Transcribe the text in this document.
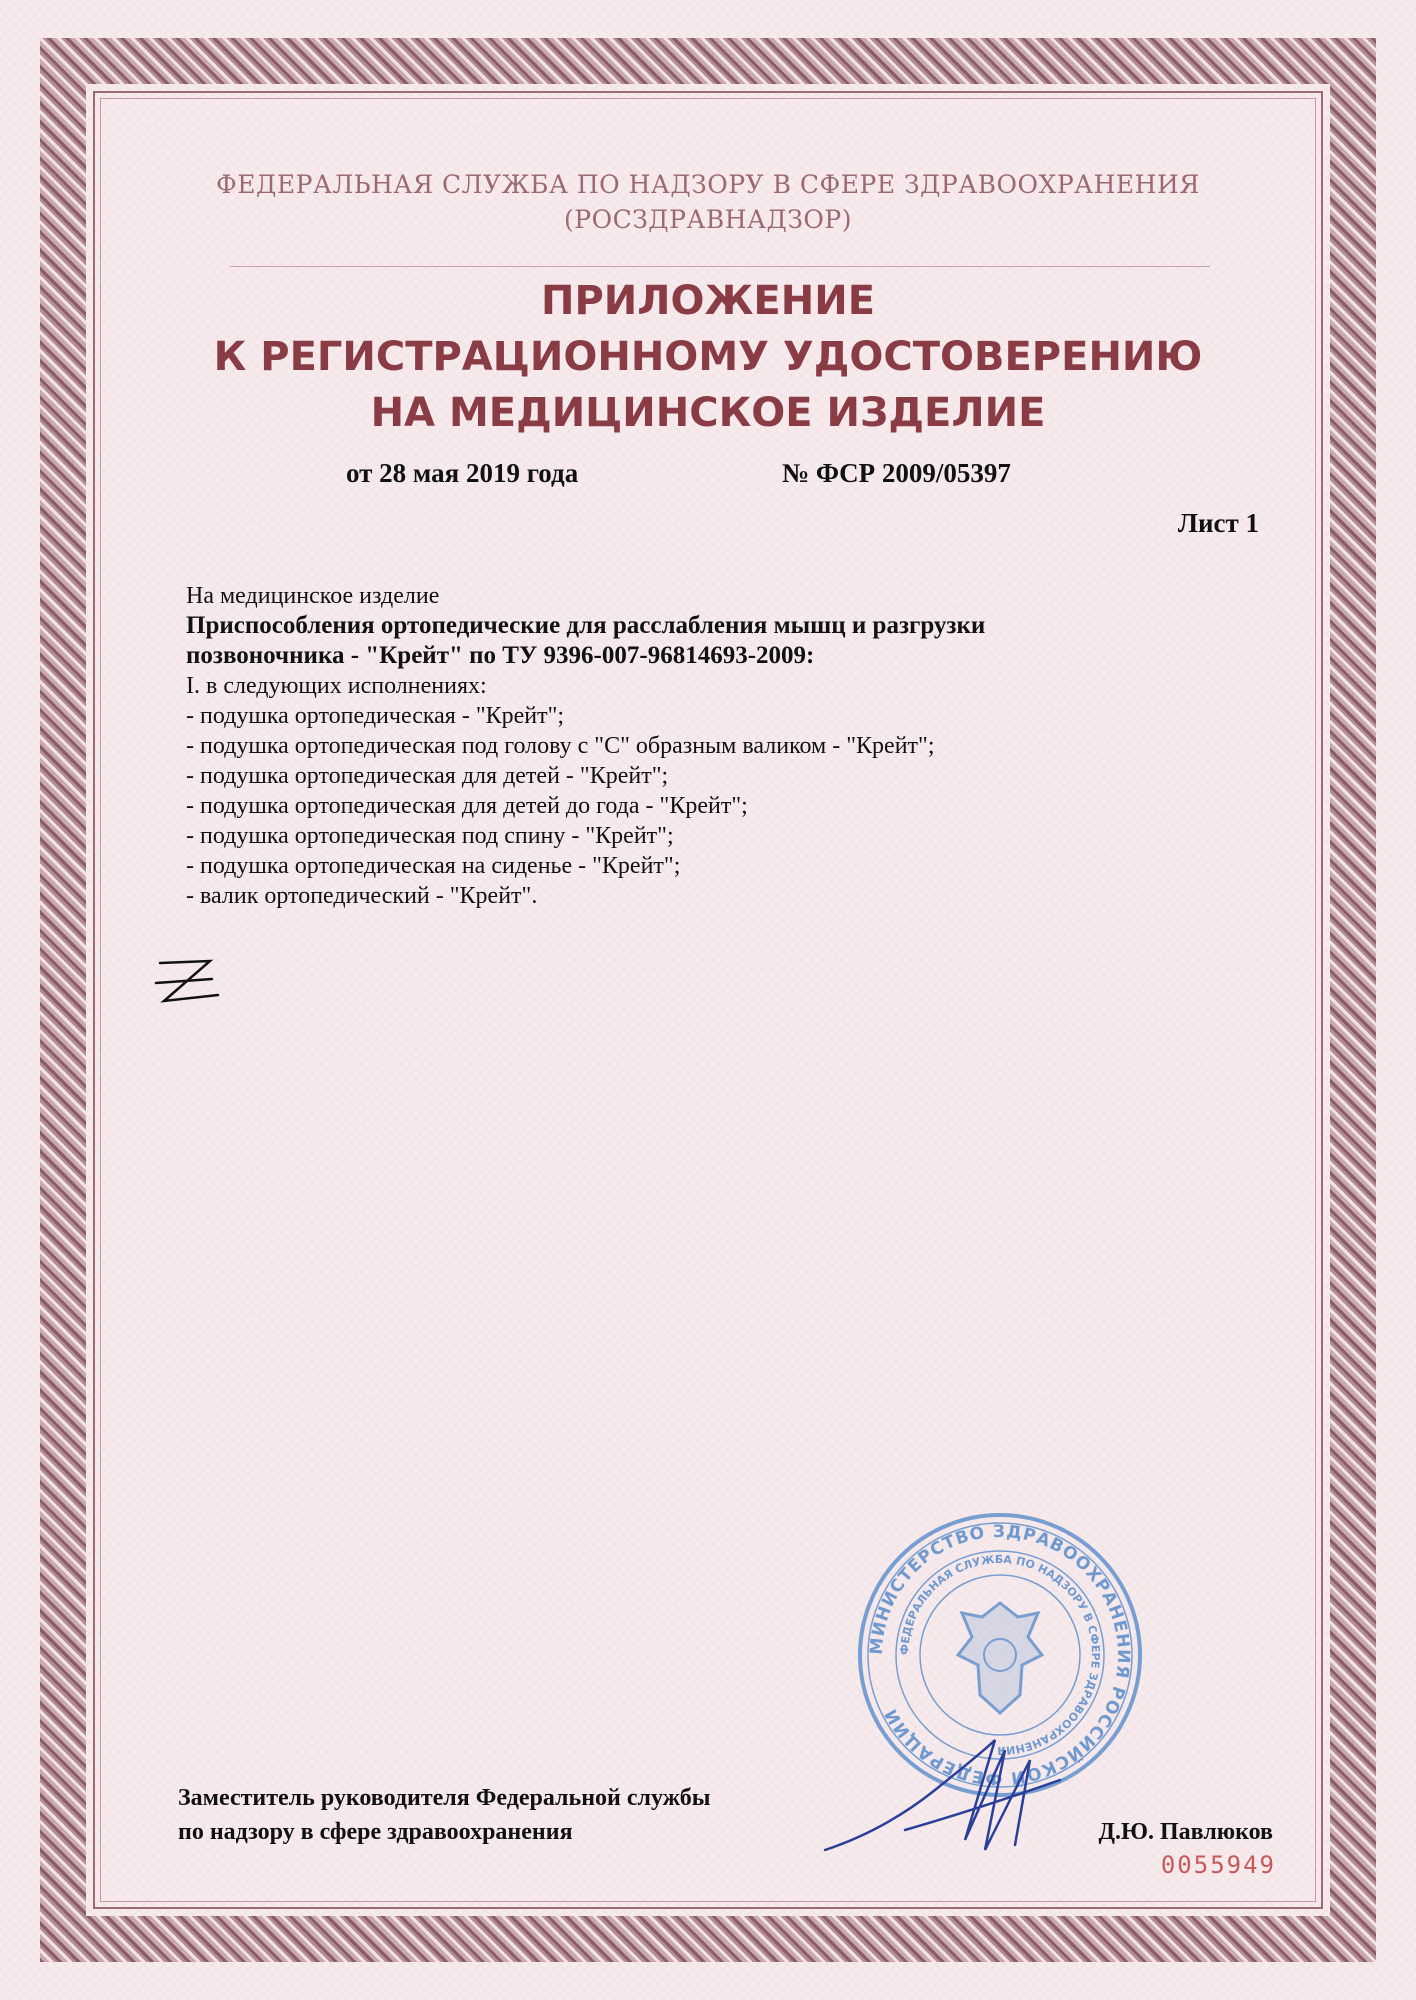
ФЕДЕРАЛЬНАЯ СЛУЖБА ПО НАДЗОРУ В СФЕРЕ ЗДРАВООХРАНЕНИЯ
(РОСЗДРАВНАДЗОР)
ПРИЛОЖЕНИЕ
К РЕГИСТРАЦИОННОМУ УДОСТОВЕРЕНИЮ
НА МЕДИЦИНСКОЕ ИЗДЕЛИЕ
от 28 мая 2019 года	№ ФСР 2009/05397
Лист 1
На медицинское изделие
Приспособления ортопедические для расслабления мышц и разгрузки
позвоночника - "Крейт" по ТУ 9396-007-96814693-2009:
I. в следующих исполнениях:
- подушка ортопедическая - "Крейт";
- подушка ортопедическая под голову с "С" образным валиком - "Крейт";
- подушка ортопедическая для детей - "Крейт";
- подушка ортопедическая для детей до года - "Крейт";
- подушка ортопедическая под спину - "Крейт";
- подушка ортопедическая на сиденье - "Крейт";
- валик ортопедический - "Крейт".
МИНИСТЕРСТВО ЗДРАВООХРАНЕНИЯ РОССИЙСКОЙ ФЕДЕРАЦИИ
ФЕДЕРАЛЬНАЯ СЛУЖБА ПО НАДЗОРУ В СФЕРЕ ЗДРАВООХРАНЕНИЯ
Заместитель руководителя Федеральной службы
по надзору в сфере здравоохранения	Д.Ю. Павлюков
0055949
